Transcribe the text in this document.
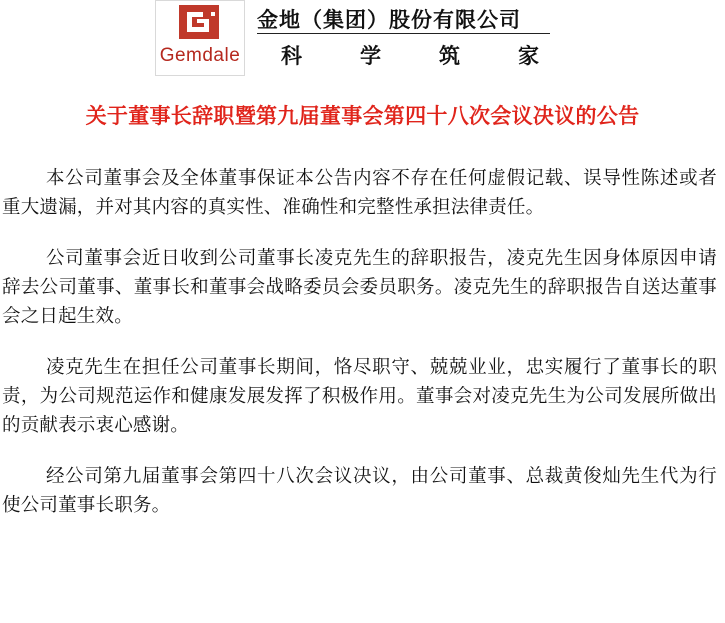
Gemdale
金地（集团）股份有限公司
科	学	筑	家
关于董事长辞职暨第九届董事会第四十八次会议决议的公告

本公司董事会及全体董事保证本公告内容不存在任何虚假记载、误导性陈述或者重大遗漏，并对其内容的真实性、准确性和完整性承担法律责任。

公司董事会近日收到公司董事长凌克先生的辞职报告，凌克先生因身体原因申请辞去公司董事、董事长和董事会战略委员会委员职务。凌克先生的辞职报告自送达董事会之日起生效。

凌克先生在担任公司董事长期间，恪尽职守、兢兢业业，忠实履行了董事长的职责，为公司规范运作和健康发展发挥了积极作用。董事会对凌克先生为公司发展所做出的贡献表示衷心感谢。

经公司第九届董事会第四十八次会议决议，由公司董事、总裁黄俊灿先生代为行使公司董事长职务。
